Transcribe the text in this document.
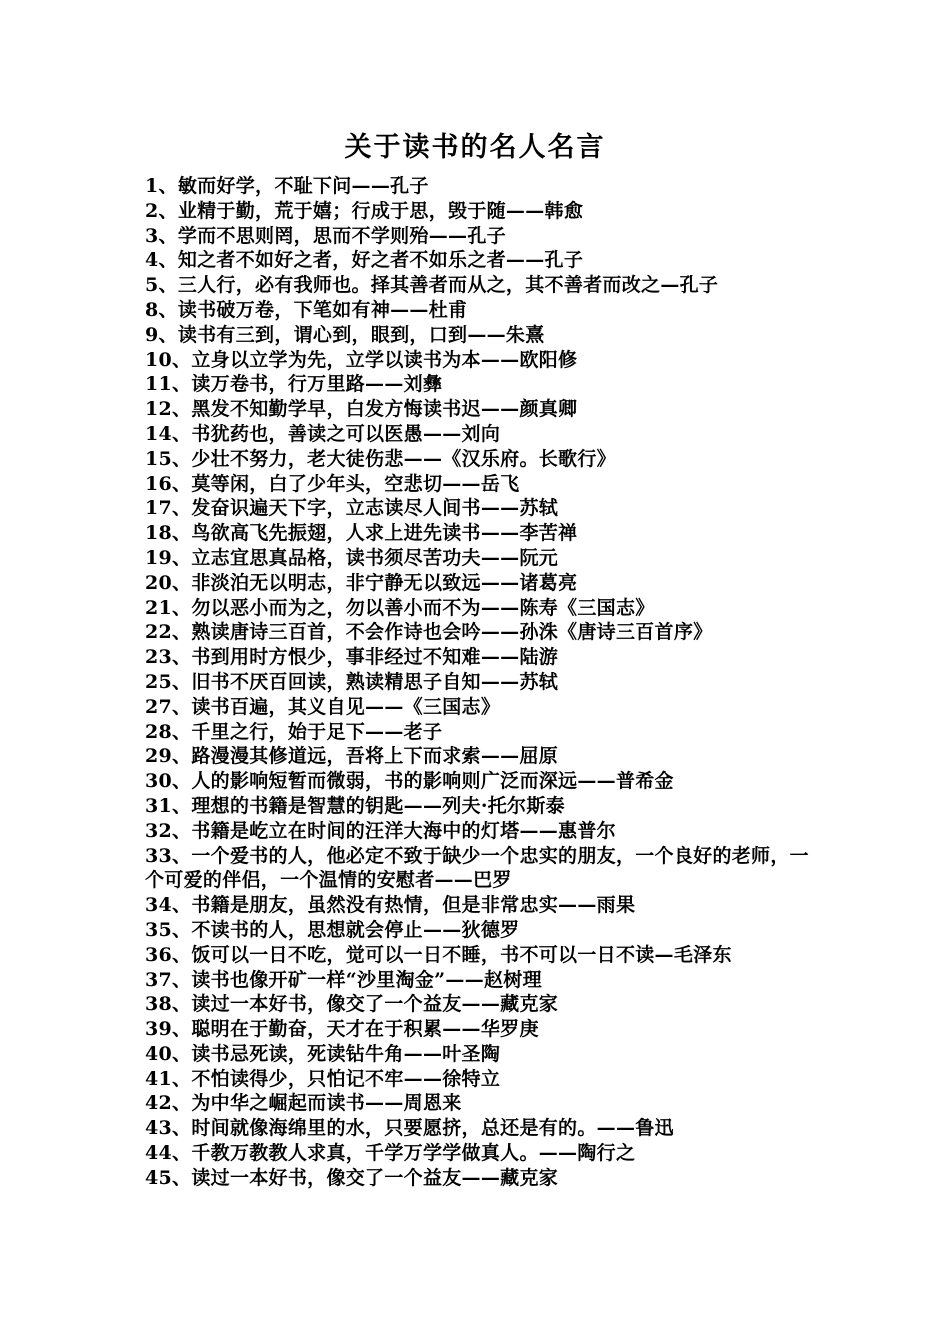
关于读书的名人名言
1、敏而好学，不耻下问——孔子
2、业精于勤，荒于嬉；行成于思，毁于随——韩愈
3、学而不思则罔，思而不学则殆——孔子
4、知之者不如好之者，好之者不如乐之者——孔子
5、三人行，必有我师也。择其善者而从之，其不善者而改之—孔子
8、读书破万卷，下笔如有神——杜甫
9、读书有三到，谓心到，眼到，口到——朱熹
10、立身以立学为先，立学以读书为本——欧阳修
11、读万卷书，行万里路——刘彝
12、黑发不知勤学早，白发方悔读书迟——颜真卿
14、书犹药也，善读之可以医愚——刘向
15、少壮不努力，老大徒伤悲——《汉乐府。长歌行》
16、莫等闲，白了少年头，空悲切——岳飞
17、发奋识遍天下字，立志读尽人间书——苏轼
18、鸟欲高飞先振翅，人求上进先读书——李苦禅
19、立志宜思真品格，读书须尽苦功夫——阮元
20、非淡泊无以明志，非宁静无以致远——诸葛亮
21、勿以恶小而为之，勿以善小而不为——陈寿《三国志》
22、熟读唐诗三百首，不会作诗也会吟——孙洙《唐诗三百首序》
23、书到用时方恨少，事非经过不知难——陆游
25、旧书不厌百回读，熟读精思子自知——苏轼
27、读书百遍，其义自见——《三国志》
28、千里之行，始于足下——老子
29、路漫漫其修道远，吾将上下而求索——屈原
30、人的影响短暂而微弱，书的影响则广泛而深远——普希金
31、理想的书籍是智慧的钥匙——列夫·托尔斯泰
32、书籍是屹立在时间的汪洋大海中的灯塔——惠普尔
33、一个爱书的人，他必定不致于缺少一个忠实的朋友，一个良好的老师，一个可爱的伴侣，一个温情的安慰者——巴罗
34、书籍是朋友，虽然没有热情，但是非常忠实——雨果
35、不读书的人，思想就会停止——狄德罗
36、饭可以一日不吃，觉可以一日不睡，书不可以一日不读—毛泽东
37、读书也像开矿一样“沙里淘金”——赵树理
38、读过一本好书，像交了一个益友——藏克家
39、聪明在于勤奋，天才在于积累——华罗庚
40、读书忌死读，死读钻牛角——叶圣陶
41、不怕读得少，只怕记不牢——徐特立
42、为中华之崛起而读书——周恩来
43、时间就像海绵里的水，只要愿挤，总还是有的。——鲁迅
44、千教万教教人求真，千学万学学做真人。——陶行之
45、读过一本好书，像交了一个益友——藏克家
